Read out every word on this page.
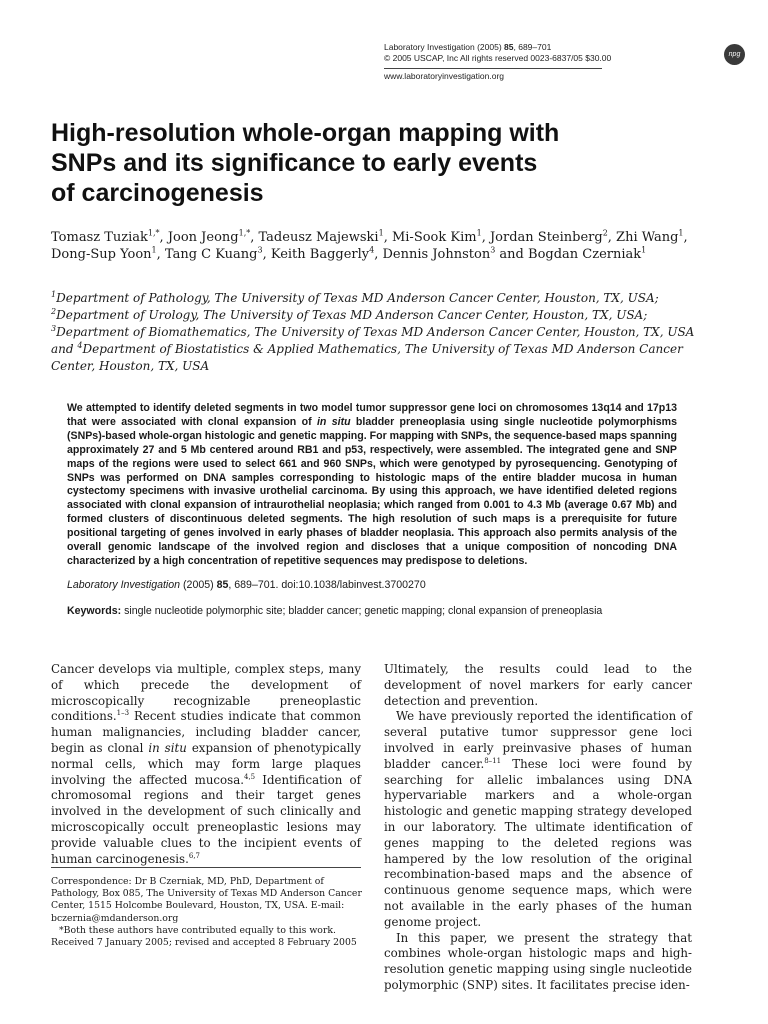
Laboratory Investigation (2005) 85, 689–701
© 2005 USCAP, Inc All rights reserved 0023-6837/05 $30.00
www.laboratoryinvestigation.org
npg
High-resolution whole-organ mapping with
SNPs and its significance to early events
of carcinogenesis
Tomasz Tuziak$^{1,*}$, Joon Jeong$^{1,*}$, Tadeusz Majewski$^1$, Mi-Sook Kim$^1$, Jordan Steinberg$^2$, Zhi Wang$^1$, Dong-Sup Yoon$^1$, Tang C Kuang$^3$, Keith Baggerly$^4$, Dennis Johnston$^3$ and Bogdan Czerniak$^1$
$^1$Department of Pathology, The University of Texas MD Anderson Cancer Center, Houston, TX, USA;
$^2$Department of Urology, The University of Texas MD Anderson Cancer Center, Houston, TX, USA;
$^3$Department of Biomathematics, The University of Texas MD Anderson Cancer Center, Houston, TX, USA
and $^4$Department of Biostatistics & Applied Mathematics, The University of Texas MD Anderson Cancer Center, Houston, TX, USA
We attempted to identify deleted segments in two model tumor suppressor gene loci on chromosomes 13q14 and 17p13 that were associated with clonal expansion of in situ bladder preneoplasia using single nucleotide polymorphisms (SNPs)-based whole-organ histologic and genetic mapping. For mapping with SNPs, the sequence-based maps spanning approximately 27 and 5 Mb centered around RB1 and p53, respectively, were assembled. The integrated gene and SNP maps of the regions were used to select 661 and 960 SNPs, which were genotyped by pyrosequencing. Genotyping of SNPs was performed on DNA samples corresponding to histologic maps of the entire bladder mucosa in human cystectomy specimens with invasive urothelial carcinoma. By using this approach, we have identified deleted regions associated with clonal expansion of intraurothelial neoplasia; which ranged from 0.001 to 4.3 Mb (average 0.67 Mb) and formed clusters of discontinuous deleted segments. The high resolution of such maps is a prerequisite for future positional targeting of genes involved in early phases of bladder neoplasia. This approach also permits analysis of the overall genomic landscape of the involved region and discloses that a unique composition of noncoding DNA characterized by a high concentration of repetitive sequences may predispose to deletions.
Laboratory Investigation (2005) 85, 689–701. doi:10.1038/labinvest.3700270
Keywords: single nucleotide polymorphic site; bladder cancer; genetic mapping; clonal expansion of preneoplasia

Cancer develops via multiple, complex steps, many of which precede the development of microscopically recognizable preneoplastic conditions.$^{1-3}$ Recent studies indicate that common human malignancies, including bladder cancer, begin as clonal in situ expansion of phenotypically normal cells, which may form large plaques involving the affected mucosa.$^{4,5}$ Identification of chromosomal regions and their target genes involved in the development of such clinically and microscopically occult preneoplastic lesions may provide valuable clues to the incipient events of human carcinogenesis.$^{6,7}$

Correspondence: Dr B Czerniak, MD, PhD, Department of Pathology, Box 085, The University of Texas MD Anderson Cancer Center, 1515 Holcombe Boulevard, Houston, TX, USA. E-mail: bczernia@mdanderson.org

*Both these authors have contributed equally to this work.

Received 7 January 2005; revised and accepted 8 February 2005

Ultimately, the results could lead to the development of novel markers for early cancer detection and prevention.

We have previously reported the identification of several putative tumor suppressor gene loci involved in early preinvasive phases of human bladder cancer.$^{8-11}$ These loci were found by searching for allelic imbalances using DNA hypervariable markers and a whole-organ histologic and genetic mapping strategy developed in our laboratory. The ultimate identification of genes mapping to the deleted regions was hampered by the low resolution of the original recombination-based maps and the absence of continuous genome sequence maps, which were not available in the early phases of the human genome project.

In this paper, we present the strategy that combines whole-organ histologic maps and high-resolution genetic mapping using single nucleotide polymorphic (SNP) sites. It facilitates precise iden-
